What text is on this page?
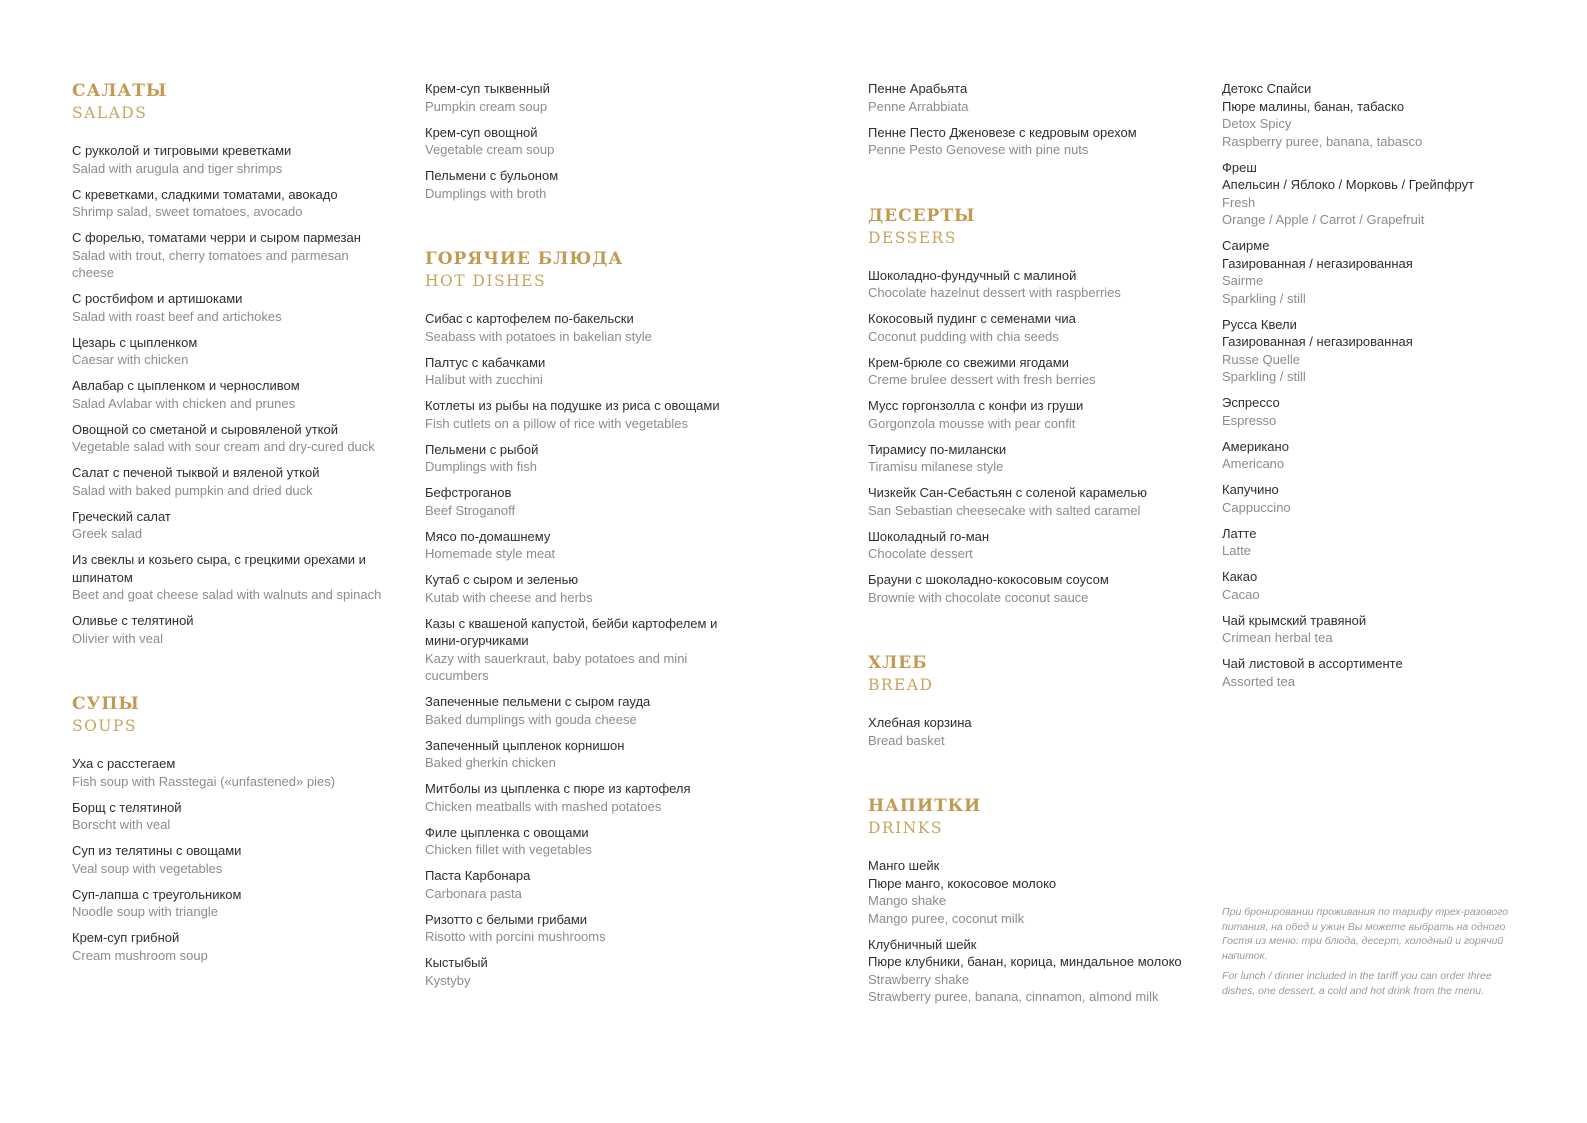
САЛАТЫ
SALADS
С рукколой и тигровыми креветками
Salad with arugula and tiger shrimps
С креветками, сладкими томатами, авокадо
Shrimp salad, sweet tomatoes, avocado
С форелью, томатами черри и сыром пармезан
Salad with trout, cherry tomatoes and parmesan cheese
С ростбифом и артишоками
Salad with roast beef and artichokes
Цезарь с цыпленком
Caesar with chicken
Авлабар с цыпленком и черносливом
Salad Avlabar with chicken and prunes
Овощной со сметаной и сыровяленой уткой
Vegetable salad with sour cream and dry-cured duck
Салат с печеной тыквой и вяленой уткой
Salad with baked pumpkin and dried duck
Греческий салат
Greek salad
Из свеклы и козьего сыра, с грецкими орехами и шпинатом
Beet and goat cheese salad with walnuts and spinach
Оливье с телятиной
Olivier with veal
СУПЫ
SOUPS
Уха с расстегаем
Fish soup with Rasstegai («unfastened» pies)
Борщ с телятиной
Borscht with veal
Суп из телятины с овощами
Veal soup with vegetables
Суп-лапша с треугольником
Noodle soup with triangle
Крем-суп грибной
Cream mushroom soup
Крем-суп тыквенный
Pumpkin cream soup
Крем-суп овощной
Vegetable cream soup
Пельмени с бульоном
Dumplings with broth
ГОРЯЧИЕ БЛЮДА
HOT DISHES
Сибас с картофелем по-бакельски
Seabass with potatoes in bakelian style
Палтус с кабачками
Halibut with zucchini
Котлеты из рыбы на подушке из риса с овощами
Fish cutlets on a pillow of rice with vegetables
Пельмени с рыбой
Dumplings with fish
Бефстроганов
Beef Stroganoff
Мясо по-домашнему
Homemade style meat
Кутаб с сыром и зеленью
Kutab with cheese and herbs
Казы с квашеной капустой, бейби картофелем и мини-огурчиками
Kazy with sauerkraut, baby potatoes and mini cucumbers
Запеченные пельмени с сыром гауда
Baked dumplings with gouda cheese
Запеченный цыпленок корнишон
Baked gherkin chicken
Митболы из цыпленка с пюре из картофеля
Chicken meatballs with mashed potatoes
Филе цыпленка с овощами
Chicken fillet with vegetables
Паста Карбонара
Carbonara pasta
Ризотто с белыми грибами
Risotto with porcini mushrooms
Кыстыбый
Kystyby
Пенне Арабьята
Penne Arrabbiata
Пенне Песто Дженовезе с кедровым орехом
Penne Pesto Genovese with pine nuts
ДЕСЕРТЫ
DESSERS
Шоколадно-фундучный с малиной
Chocolate hazelnut dessert with raspberries
Кокосовый пудинг с семенами чиа
Coconut pudding with chia seeds
Крем-брюле со свежими ягодами
Creme brulee dessert with fresh berries
Мусс горгонзолла с конфи из груши
Gorgonzola mousse with pear confit
Тирамису по-милански
Tiramisu milanese style
Чизкейк Сан-Себастьян с соленой карамелью
San Sebastian cheesecake with salted caramel
Шоколадный го-ман
Chocolate dessert
Брауни с шоколадно-кокосовым соусом
Brownie with chocolate coconut sauce
ХЛЕБ
BREAD
Хлебная корзина
Bread basket
НАПИТКИ
DRINKS
Манго шейк
Пюре манго, кокосовое молоко
Mango shake
Mango puree, coconut milk
Клубничный шейк
Пюре клубники, банан, корица, миндальное молоко
Strawberry shake
Strawberry puree, banana, cinnamon, almond milk
Детокс Спайси
Пюре малины, банан, табаско
Detox Spicy
Raspberry puree, banana, tabasco
Фреш
Апельсин / Яблоко / Морковь / Грейпфрут
Fresh
Orange / Apple / Carrot / Grapefruit
Саирме
Газированная / негазированная
Sairme
Sparkling / still
Русса Квели
Газированная / негазированная
Russe Quelle
Sparkling / still
Эспрессо
Espresso
Американо
Americano
Капучино
Cappuccino
Латте
Latte
Какао
Cacao
Чай крымский травяной
Crimean herbal tea
Чай листовой в ассортименте
Assorted tea

При бронировании проживания по тарифу трех-разового питания, на обед и ужин Вы можете выбрать на одного Гостя из меню: три блюда, десерт, холодный и горячий напиток.

For lunch / dinner included in the tariff you can order three dishes, one dessert, a cold and hot drink from the menu.
